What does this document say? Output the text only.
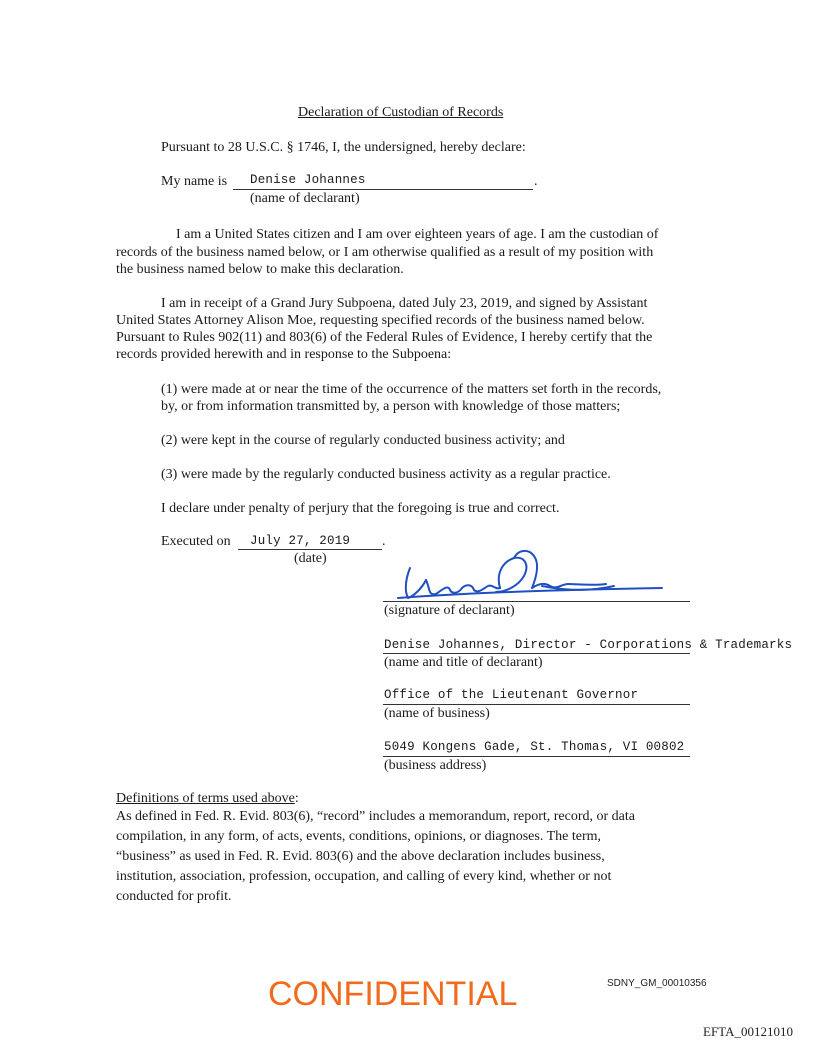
Declaration of Custodian of Records
Pursuant to 28 U.S.C. § 1746, I, the undersigned, hereby declare:
My name is Denise Johannes	.
(name of declarant)
I am a United States citizen and I am over eighteen years of age. I am the custodian of
records of the business named below, or I am otherwise qualified as a result of my position with
the business named below to make this declaration.
I am in receipt of a Grand Jury Subpoena, dated July 23, 2019, and signed by Assistant
United States Attorney Alison Moe, requesting specified records of the business named below.
Pursuant to Rules 902(11) and 803(6) of the Federal Rules of Evidence, I hereby certify that the
records provided herewith and in response to the Subpoena:
(1) were made at or near the time of the occurrence of the matters set forth in the records,
by, or from information transmitted by, a person with knowledge of those matters;
(2) were kept in the course of regularly conducted business activity; and
(3) were made by the regularly conducted business activity as a regular practice.
I declare under penalty of perjury that the foregoing is true and correct.
Executed on July 27, 2019 .
(date)
(signature of declarant)
Denise Johannes, Director - Corporations & Trademarks
(name and title of declarant)
Office of the Lieutenant Governor
(name of business)
5049 Kongens Gade, St. Thomas, VI 00802
(business address)
Definitions of terms used above:
As defined in Fed. R. Evid. 803(6), “record” includes a memorandum, report, record, or data
compilation, in any form, of acts, events, conditions, opinions, or diagnoses. The term,
“business” as used in Fed. R. Evid. 803(6) and the above declaration includes business,
institution, association, profession, occupation, and calling of every kind, whether or not
conducted for profit.
CONFIDENTIAL	SDNY_GM_00010356
EFTA_00121010
